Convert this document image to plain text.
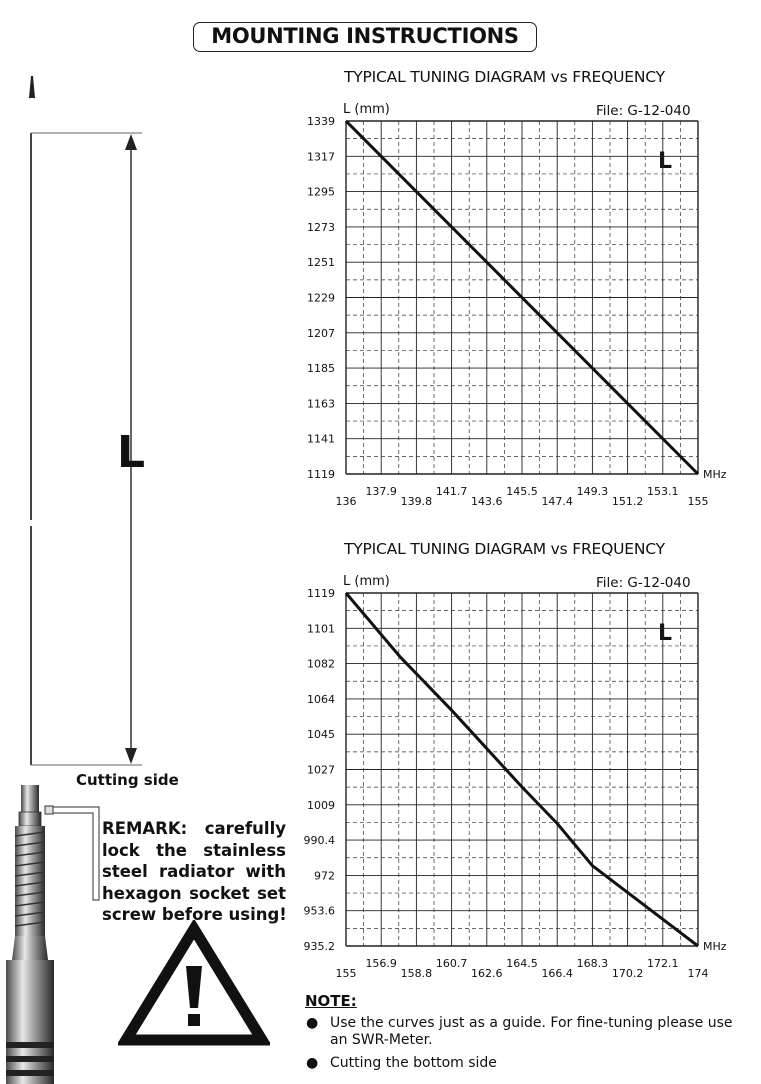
MOUNTING INSTRUCTIONS
L
Cutting side
REMARK: carefully
lock the stainless
steel radiator with
hexagon socket set
screw before using!
TYPICAL TUNING DIAGRAM vs FREQUENCY
L (mm)	File: G-12-040
L
MHz
1339
1317
1295
1273
1251
1229
1207
1185
1163
1141
1119
136	139.8	143.6	147.4	151.2	155
137.9	141.7	145.5	149.3	153.1
TYPICAL TUNING DIAGRAM vs FREQUENCY
L (mm)	File: G-12-040
L
MHz
1119
1101
1082
1064
1045
1027
1009
990.4
972
953.6
935.2
155	158.8	162.6	166.4	170.2	174
156.9	160.7	164.5	168.3	172.1
NOTE:
● Use the curves just as a guide. For fine-tuning please use an SWR-Meter.
● Cutting the bottom side
